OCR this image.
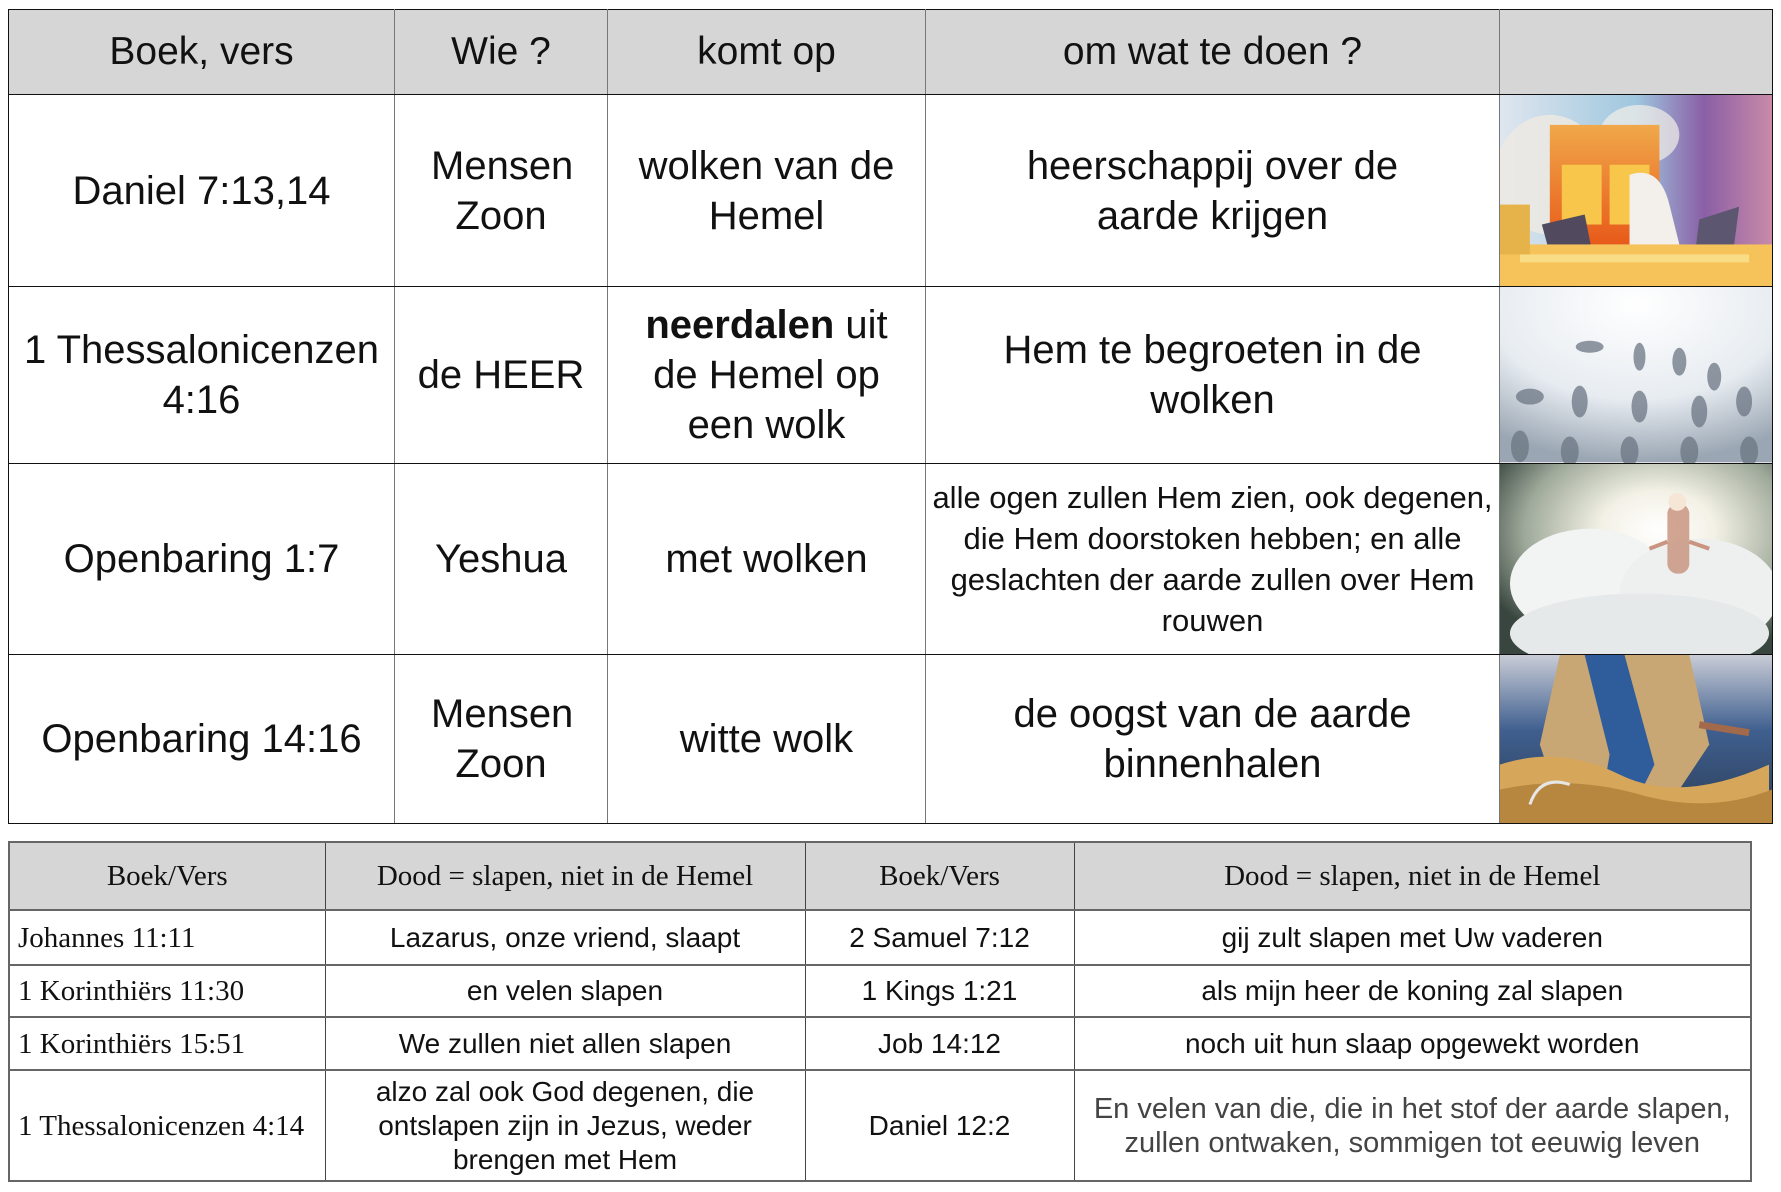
Boek, vers	Wie ?	komt op	om wat te doen ?	
Daniel 7:13,14	Mensen Zoon	wolken van de Hemel	heerschappij over de aarde krijgen	

1 Thessalonicenzen 4:16	de HEER	neerdalen uit de Hemel op een wolk	Hem te begroeten in de wolken	

Openbaring 1:7	Yeshua	met wolken	alle ogen zullen Hem zien, ook degenen, die Hem doorstoken hebben; en alle geslachten der aarde zullen over Hem rouwen	

Openbaring 14:16	Mensen Zoon	witte wolk	de oogst van de aarde binnenhalen	
Boek/Vers	Dood = slapen, niet in de Hemel	Boek/Vers	Dood = slapen, niet in de Hemel
Johannes 11:11	Lazarus, onze vriend, slaapt	2 Samuel 7:12	gij zult slapen met Uw vaderen
1 Korinthiërs 11:30	en velen slapen	1 Kings 1:21	als mijn heer de koning zal slapen
1 Korinthiërs 15:51	We zullen niet allen slapen	Job 14:12	noch uit hun slaap opgewekt worden
1 Thessalonicenzen 4:14	alzo zal ook God degenen, die ontslapen zijn in Jezus, weder brengen met Hem	Daniel 12:2	En velen van die, die in het stof der aarde slapen, zullen ontwaken, sommigen tot eeuwig leven
